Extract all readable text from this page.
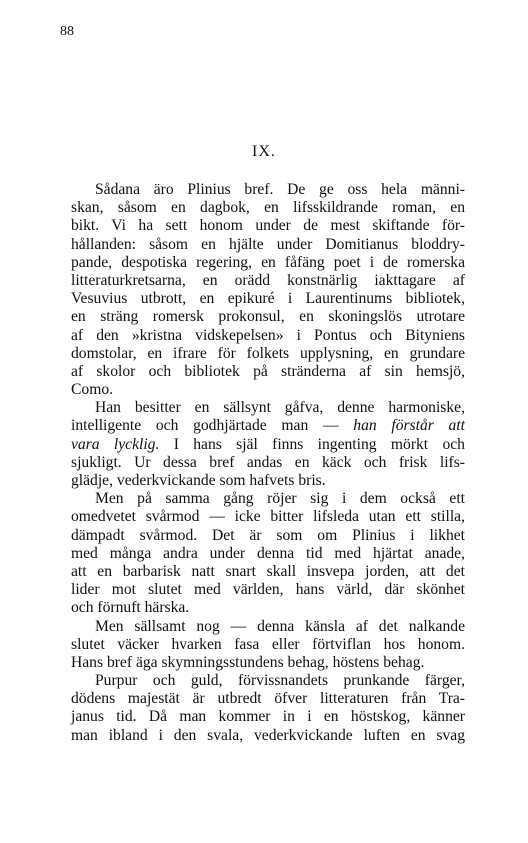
88
IX.
Sådana äro Plinius bref. De ge oss hela männi-
skan, såsom en dagbok, en lifsskildrande roman, en
bikt. Vi ha sett honom under de mest skiftande för-
hållanden: såsom en hjälte under Domitianus bloddry-
pande, despotiska regering, en fåfäng poet i de romerska
litteraturkretsarna, en orädd konstnärlig iakttagare af
Vesuvius utbrott, en epikuré i Laurentinums bibliotek,
en sträng romersk prokonsul, en skoningslös utrotare
af den »kristna vidskepelsen» i Pontus och Bityniens
domstolar, en ifrare för folkets upplysning, en grundare
af skolor och bibliotek på stränderna af sin hemsjö,
Como.
Han besitter en sällsynt gåfva, denne harmoniske,
intelligente och godhjärtade man — han förstår att
vara lycklig. I hans själ finns ingenting mörkt och
sjukligt. Ur dessa bref andas en käck och frisk lifs-
glädje, vederkvickande som hafvets bris.
Men på samma gång röjer sig i dem också ett
omedvetet svårmod — icke bitter lifsleda utan ett stilla,
dämpadt svårmod. Det är som om Plinius i likhet
med många andra under denna tid med hjärtat anade,
att en barbarisk natt snart skall insvepa jorden, att det
lider mot slutet med världen, hans värld, där skönhet
och förnuft härska.
Men sällsamt nog — denna känsla af det nalkande
slutet väcker hvarken fasa eller förtviflan hos honom.
Hans bref äga skymningsstundens behag, höstens behag.
Purpur och guld, förvissnandets prunkande färger,
dödens majestät är utbredt öfver litteraturen från Tra-
janus tid. Då man kommer in i en höstskog, känner
man ibland i den svala, vederkvickande luften en svag
